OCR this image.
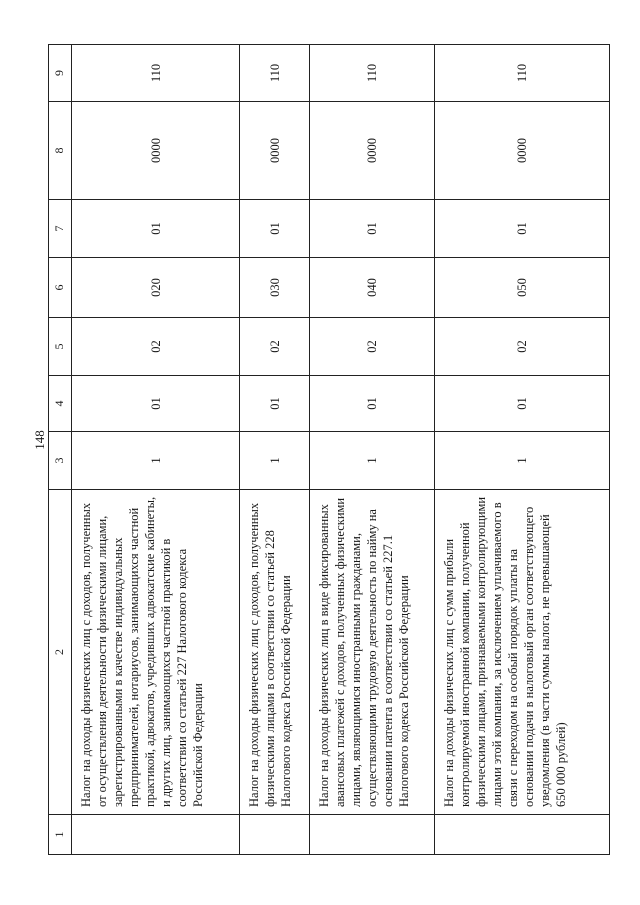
148
1	2	3	4	5	6	7	8	9
	Налог на доходы физических лиц с доходов, полученных от осуществления деятельности физическими лицами, зарегистрированными в качестве индивидуальных предпринимателей, нотариусов, занимающихся частной практикой, адвокатов, учредивших адвокатские кабинеты, и других лиц, занимающихся частной практикой в соответствии со статьей 227 Налогового кодекса Российской Федерации	1	01	02	020	01	0000	110
	Налог на доходы физических лиц с доходов, полученных физическими лицами в соответствии со статьей 228 Налогового кодекса Российской Федерации	1	01	02	030	01	0000	110
	Налог на доходы физических лиц в виде фиксированных авансовых платежей с доходов, полученных физическими лицами, являющимися иностранными гражданами, осуществляющими трудовую деятельность по найму на основании патента в соответствии со статьей 227.1 Налогового кодекса Российской Федерации	1	01	02	040	01	0000	110
	Налог на доходы физических лиц с сумм прибыли контролируемой иностранной компании, полученной физическими лицами, признаваемыми контролирующими лицами этой компании, за исключением уплачиваемого в связи с переходом на особый порядок уплаты на основании подачи в налоговый орган соответствующего уведомления (в части суммы налога, не превышающей 650 000 рублей)	1	01	02	050	01	0000	110
